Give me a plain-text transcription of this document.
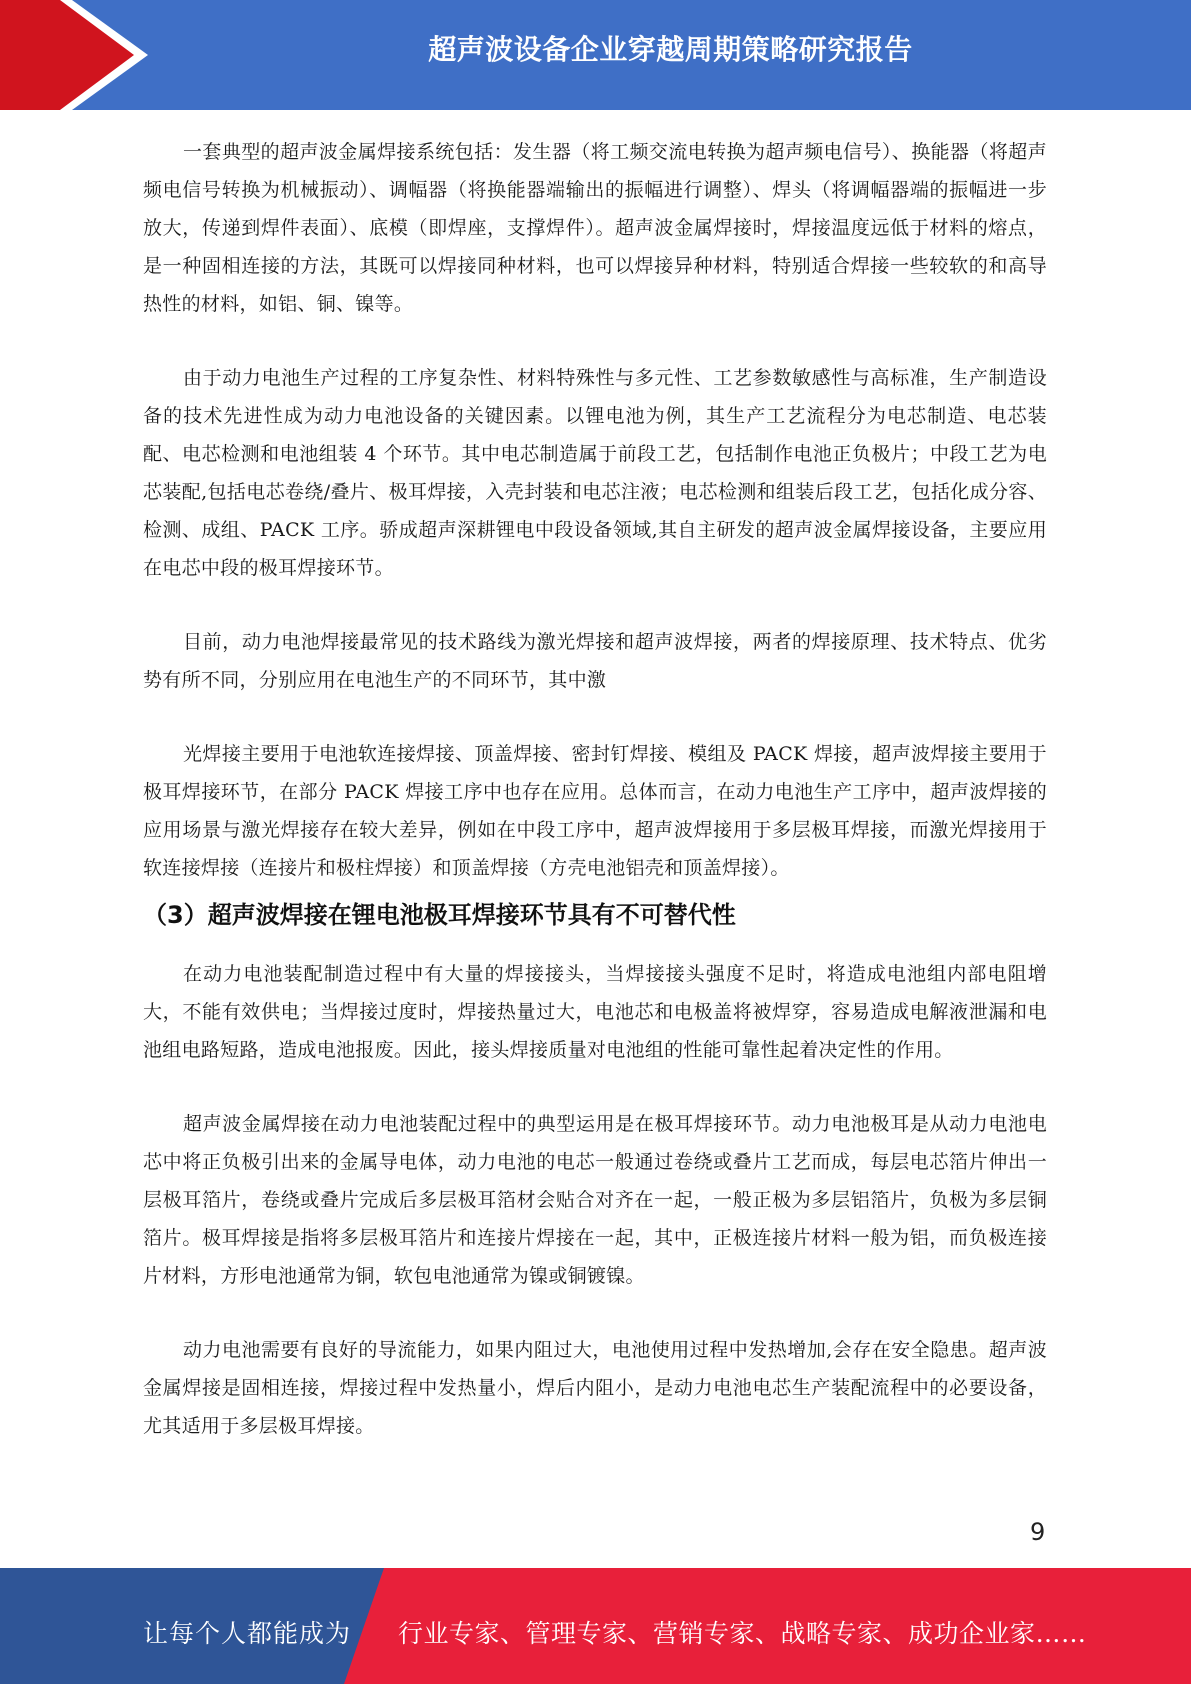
超声波设备企业穿越周期策略研究报告

一套典型的超声波金属焊接系统包括：发生器（将工频交流电转换为超声频电信号）、换能器（将超声频电信号转换为机械振动）、调幅器（将换能器端输出的振幅进行调整）、焊头（将调幅器端的振幅进一步放大，传递到焊件表面）、底模（即焊座，支撑焊件）。超声波金属焊接时，焊接温度远低于材料的熔点，是一种固相连接的方法，其既可以焊接同种材料，也可以焊接异种材料，特别适合焊接一些较软的和高导热性的材料，如铝、铜、镍等。

由于动力电池生产过程的工序复杂性、材料特殊性与多元性、工艺参数敏感性与高标准，生产制造设备的技术先进性成为动力电池设备的关键因素。以锂电池为例，其生产工艺流程分为电芯制造、电芯装配、电芯检测和电池组装 4 个环节。其中电芯制造属于前段工艺，包括制作电池正负极片；中段工艺为电芯装配,包括电芯卷绕/叠片、极耳焊接，入壳封装和电芯注液；电芯检测和组装后段工艺，包括化成分容、检测、成组、PACK 工序。骄成超声深耕锂电中段设备领域,其自主研发的超声波金属焊接设备，主要应用在电芯中段的极耳焊接环节。

目前，动力电池焊接最常见的技术路线为激光焊接和超声波焊接，两者的焊接原理、技术特点、优劣势有所不同，分别应用在电池生产的不同环节，其中激

光焊接主要用于电池软连接焊接、顶盖焊接、密封钉焊接、模组及 PACK 焊接，超声波焊接主要用于极耳焊接环节，在部分 PACK 焊接工序中也存在应用。总体而言，在动力电池生产工序中，超声波焊接的应用场景与激光焊接存在较大差异，例如在中段工序中，超声波焊接用于多层极耳焊接，而激光焊接用于软连接焊接（连接片和极柱焊接）和顶盖焊接（方壳电池铝壳和顶盖焊接）。

（3）超声波焊接在锂电池极耳焊接环节具有不可替代性

在动力电池装配制造过程中有大量的焊接接头，当焊接接头强度不足时，将造成电池组内部电阻增大，不能有效供电；当焊接过度时，焊接热量过大，电池芯和电极盖将被焊穿，容易造成电解液泄漏和电池组电路短路，造成电池报废。因此，接头焊接质量对电池组的性能可靠性起着决定性的作用。

超声波金属焊接在动力电池装配过程中的典型运用是在极耳焊接环节。动力电池极耳是从动力电池电芯中将正负极引出来的金属导电体，动力电池的电芯一般通过卷绕或叠片工艺而成，每层电芯箔片伸出一层极耳箔片，卷绕或叠片完成后多层极耳箔材会贴合对齐在一起，一般正极为多层铝箔片，负极为多层铜箔片。极耳焊接是指将多层极耳箔片和连接片焊接在一起，其中，正极连接片材料一般为铝，而负极连接片材料，方形电池通常为铜，软包电池通常为镍或铜镀镍。

动力电池需要有良好的导流能力，如果内阻过大，电池使用过程中发热增加,会存在安全隐患。超声波金属焊接是固相连接，焊接过程中发热量小，焊后内阻小，是动力电池电芯生产装配流程中的必要设备，尤其适用于多层极耳焊接。

9
让每个人都能成为 行业专家、管理专家、营销专家、战略专家、成功企业家……
